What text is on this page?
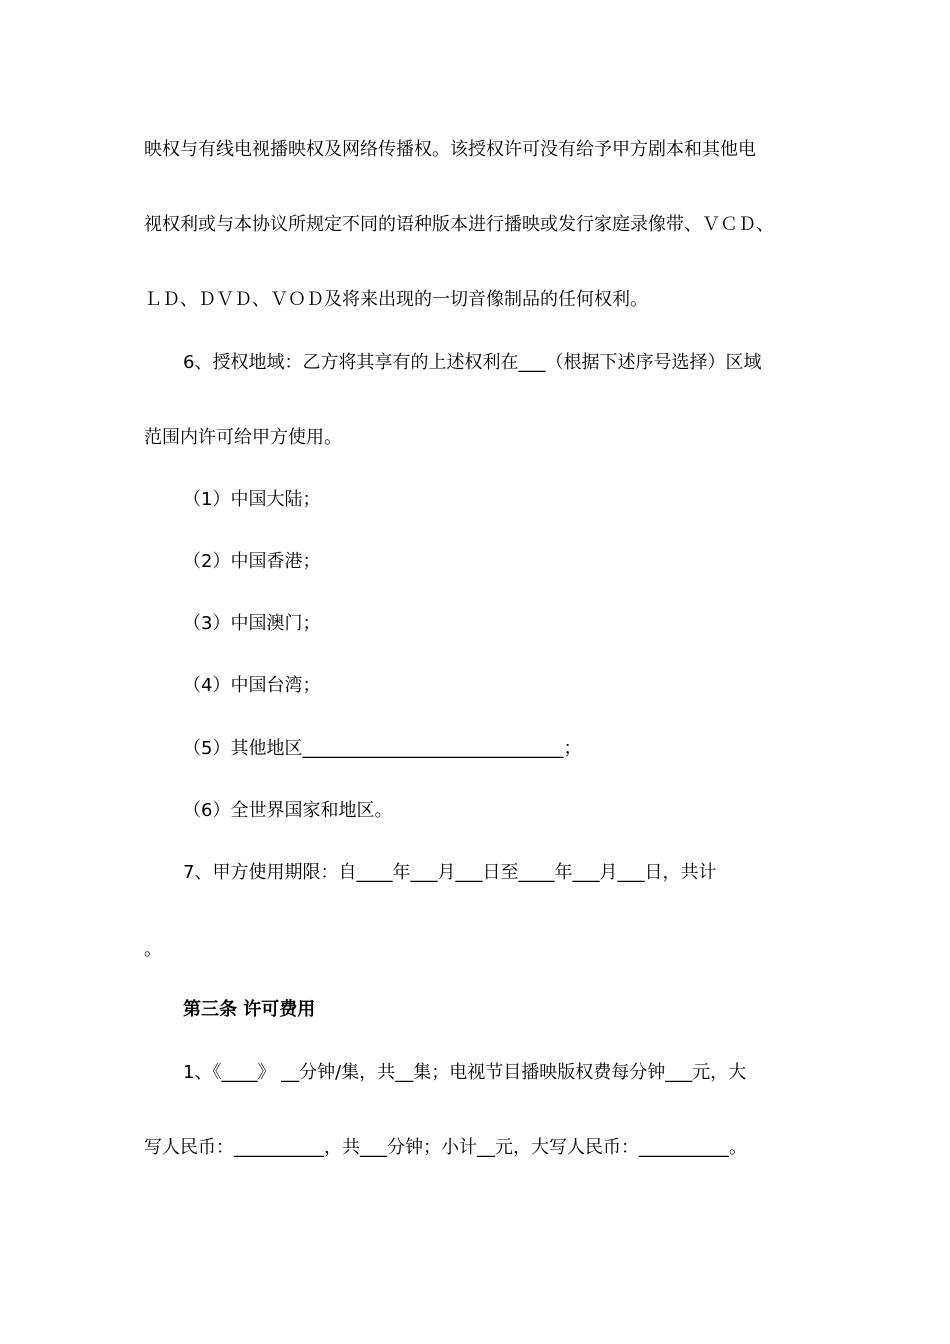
映权与有线电视播映权及网络传播权。该授权许可没有给予甲方剧本和其他电
视权利或与本协议所规定不同的语种版本进行播映或发行家庭录像带、ＶＣＤ、
ＬＤ、ＤＶＤ、ＶＯＤ及将来出现的一切音像制品的任何权利。
6、授权地域：乙方将其享有的上述权利在___（根据下述序号选择）区域
范围内许可给甲方使用。
（1）中国大陆；
（2）中国香港；
（3）中国澳门；
（4）中国台湾；
（5）其他地区_____________________________；
（6）全世界国家和地区。
7、甲方使用期限：自____年___月___日至____年___月___日，共计
。
第三条 许可费用
1、《____》 __分钟/集，共__集；电视节目播映版权费每分钟___元，大
写人民币：__________，共___分钟；小计__元，大写人民币：__________。
